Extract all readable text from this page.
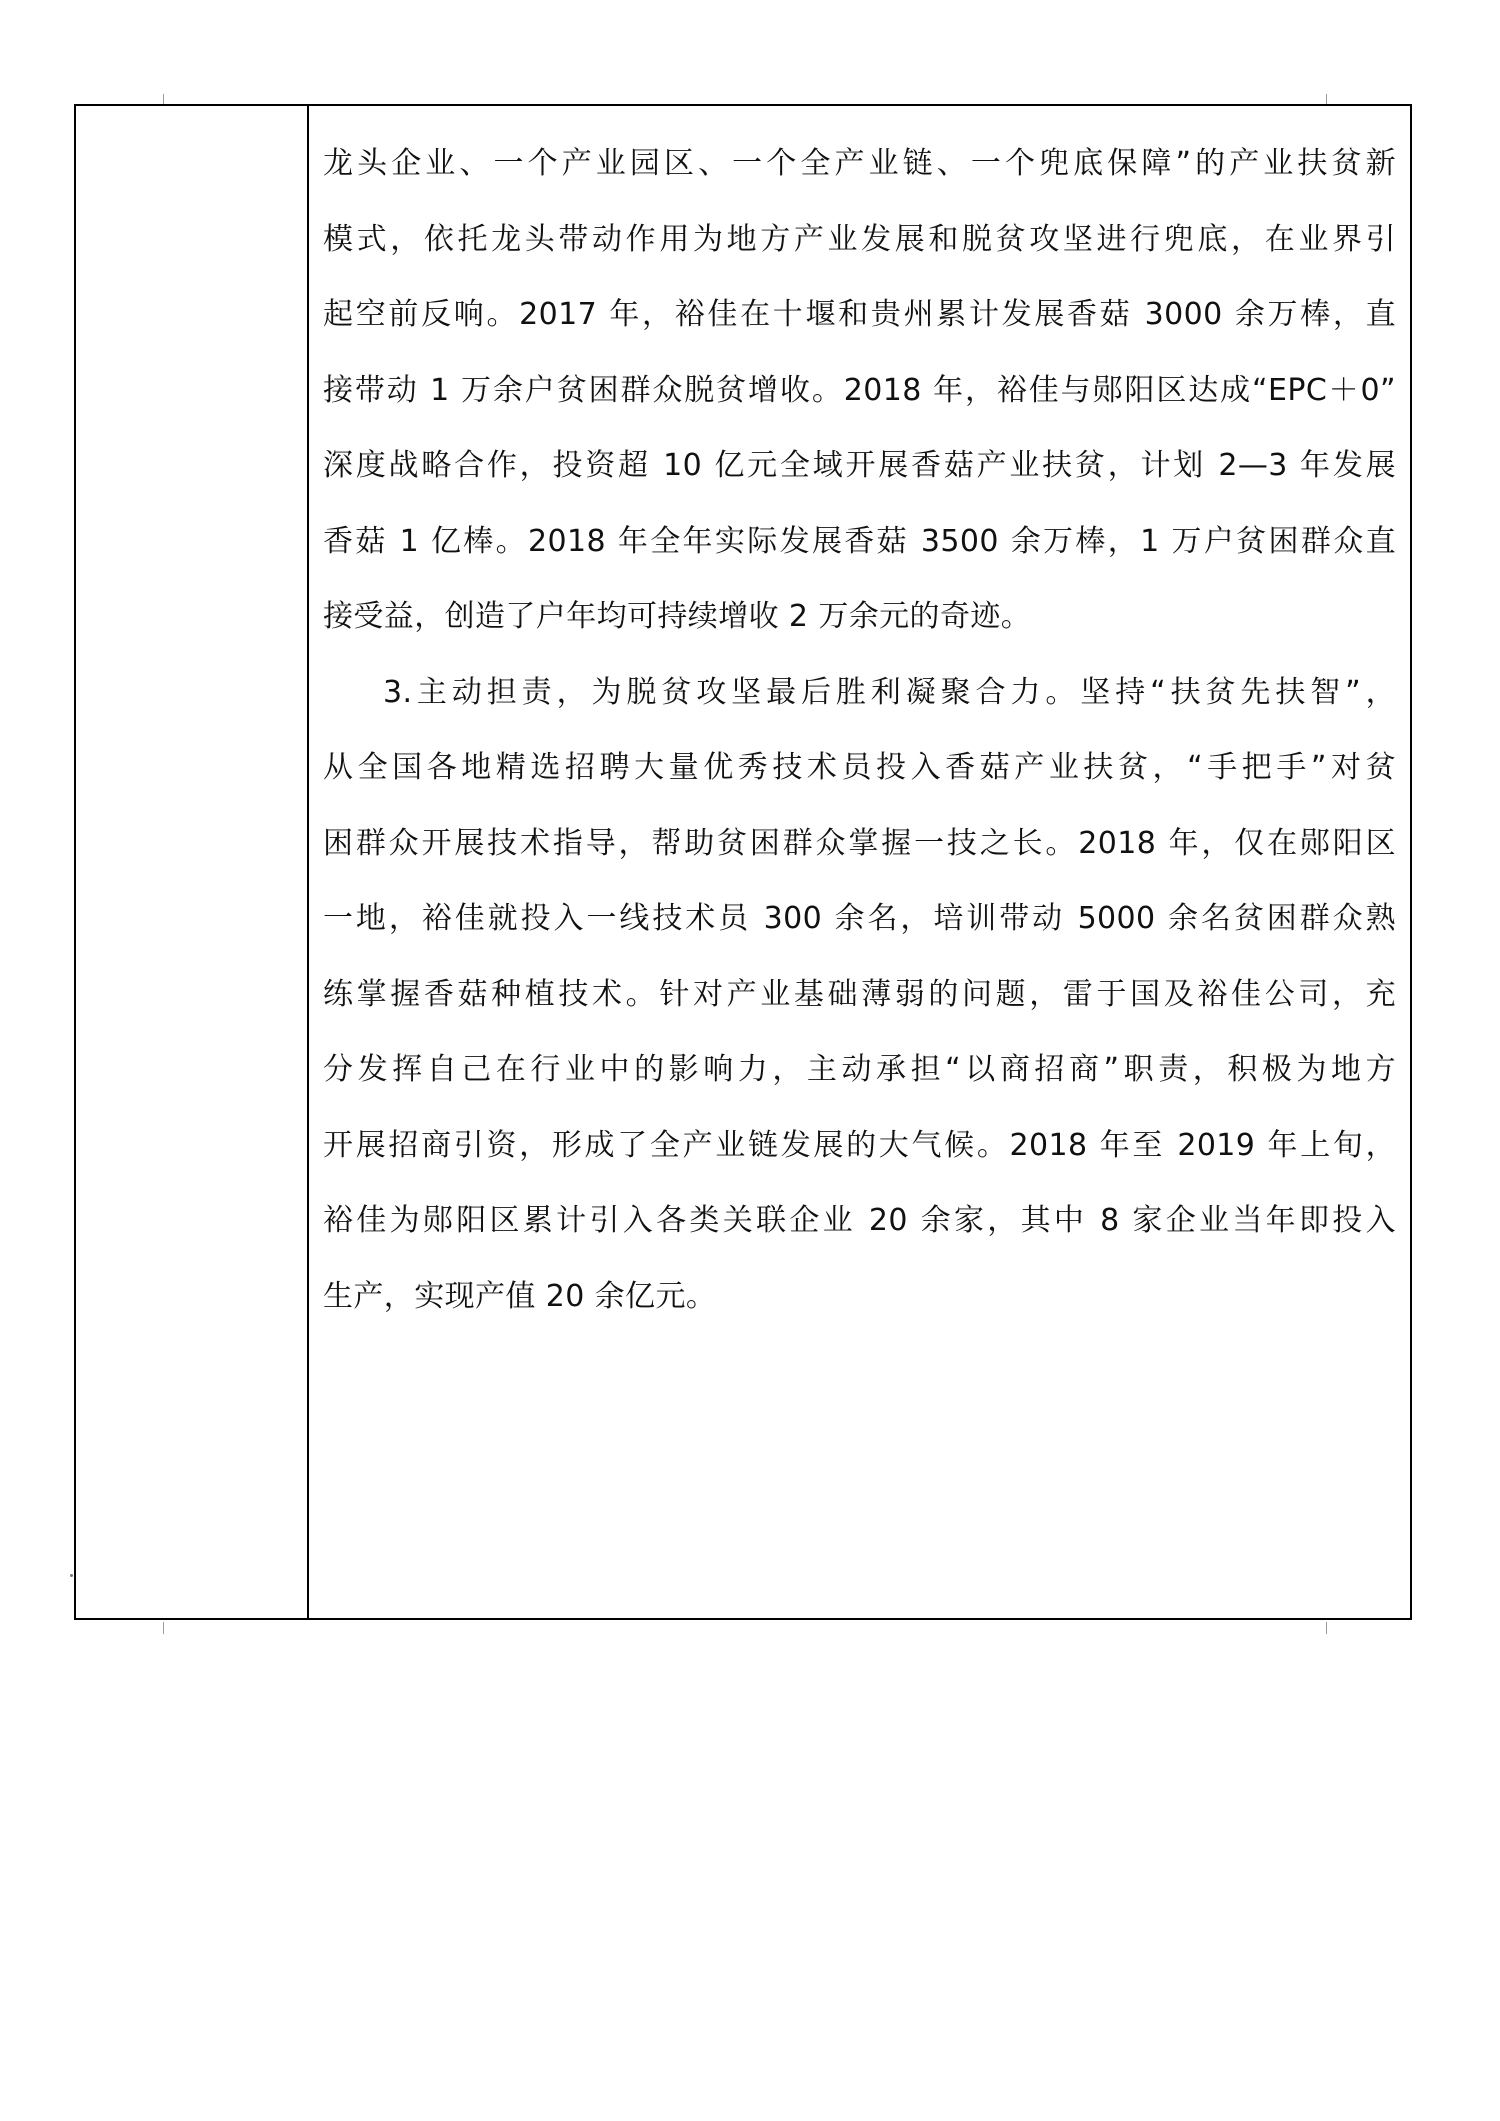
龙头企业、一个产业园区、一个全产业链、一个兜底保障”的产业扶贫新
模式，依托龙头带动作用为地方产业发展和脱贫攻坚进行兜底，在业界引
起空前反响。2017 年，裕佳在十堰和贵州累计发展香菇 3000 余万棒，直
接带动 1 万余户贫困群众脱贫增收。2018 年，裕佳与郧阳区达成“EPC＋0”
深度战略合作，投资超 10 亿元全域开展香菇产业扶贫，计划 2—3 年发展
香菇 1 亿棒。2018 年全年实际发展香菇 3500 余万棒，1 万户贫困群众直
接受益，创造了户年均可持续增收 2 万余元的奇迹。
3.主动担责，为脱贫攻坚最后胜利凝聚合力。坚持“扶贫先扶智”，
从全国各地精选招聘大量优秀技术员投入香菇产业扶贫，“手把手”对贫
困群众开展技术指导，帮助贫困群众掌握一技之长。2018 年，仅在郧阳区
一地，裕佳就投入一线技术员 300 余名，培训带动 5000 余名贫困群众熟
练掌握香菇种植技术。针对产业基础薄弱的问题，雷于国及裕佳公司，充
分发挥自己在行业中的影响力，主动承担“以商招商”职责，积极为地方
开展招商引资，形成了全产业链发展的大气候。2018 年至 2019 年上旬，
裕佳为郧阳区累计引入各类关联企业 20 余家，其中 8 家企业当年即投入
生产，实现产值 20 余亿元。
